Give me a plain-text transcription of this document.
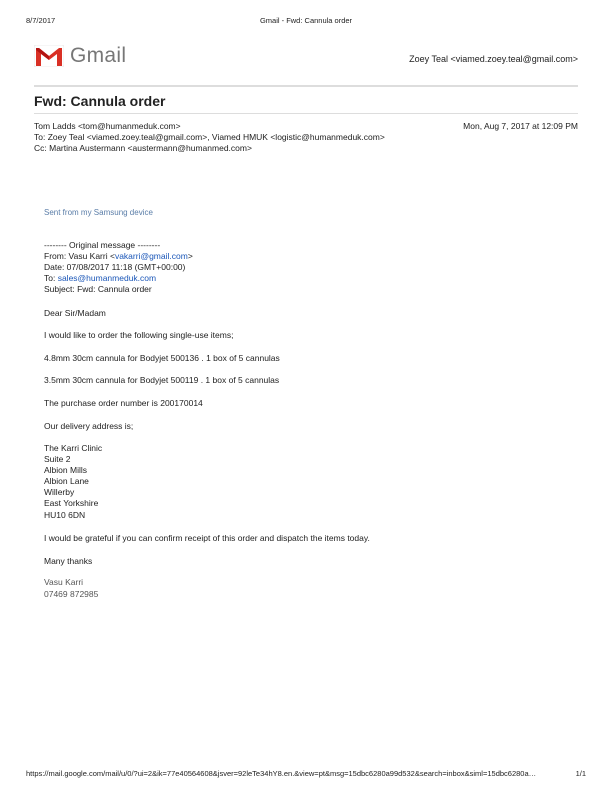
8/7/2017	Gmail - Fwd: Cannula order
Gmail	Zoey Teal <viamed.zoey.teal@gmail.com>
Fwd: Cannula order
Tom Ladds <tom@humanmeduk.com>	Mon, Aug 7, 2017 at 12:09 PM
To: Zoey Teal <viamed.zoey.teal@gmail.com>, Viamed HMUK <logistic@humanmeduk.com>
Cc: Martina Austermann <austermann@humanmed.com>
Sent from my Samsung device
-------- Original message --------
From: Vasu Karri <vakarri@gmail.com>
Date: 07/08/2017 11:18 (GMT+00:00)
To: sales@humanmeduk.com
Subject: Fwd: Cannula order
Dear Sir/Madam
I would like to order the following single-use items;
4.8mm 30cm cannula for Bodyjet 500136 . 1 box of 5 cannulas
3.5mm 30cm cannula for Bodyjet 500119 . 1 box of 5 cannulas
The purchase order number is 200170014
Our delivery address is;
The Karri Clinic
Suite 2
Albion Mills
Albion Lane
Willerby
East Yorkshire
HU10 6DN
I would be grateful if you can confirm receipt of this order and dispatch the items today.
Many thanks
Vasu Karri
07469 872985
https://mail.google.com/mail/u/0/?ui=2&ik=77e40564608&jsver=92leTe34hY8.en.&view=pt&msg=15dbc6280a99d532&search=inbox&siml=15dbc6280a…	1/1
